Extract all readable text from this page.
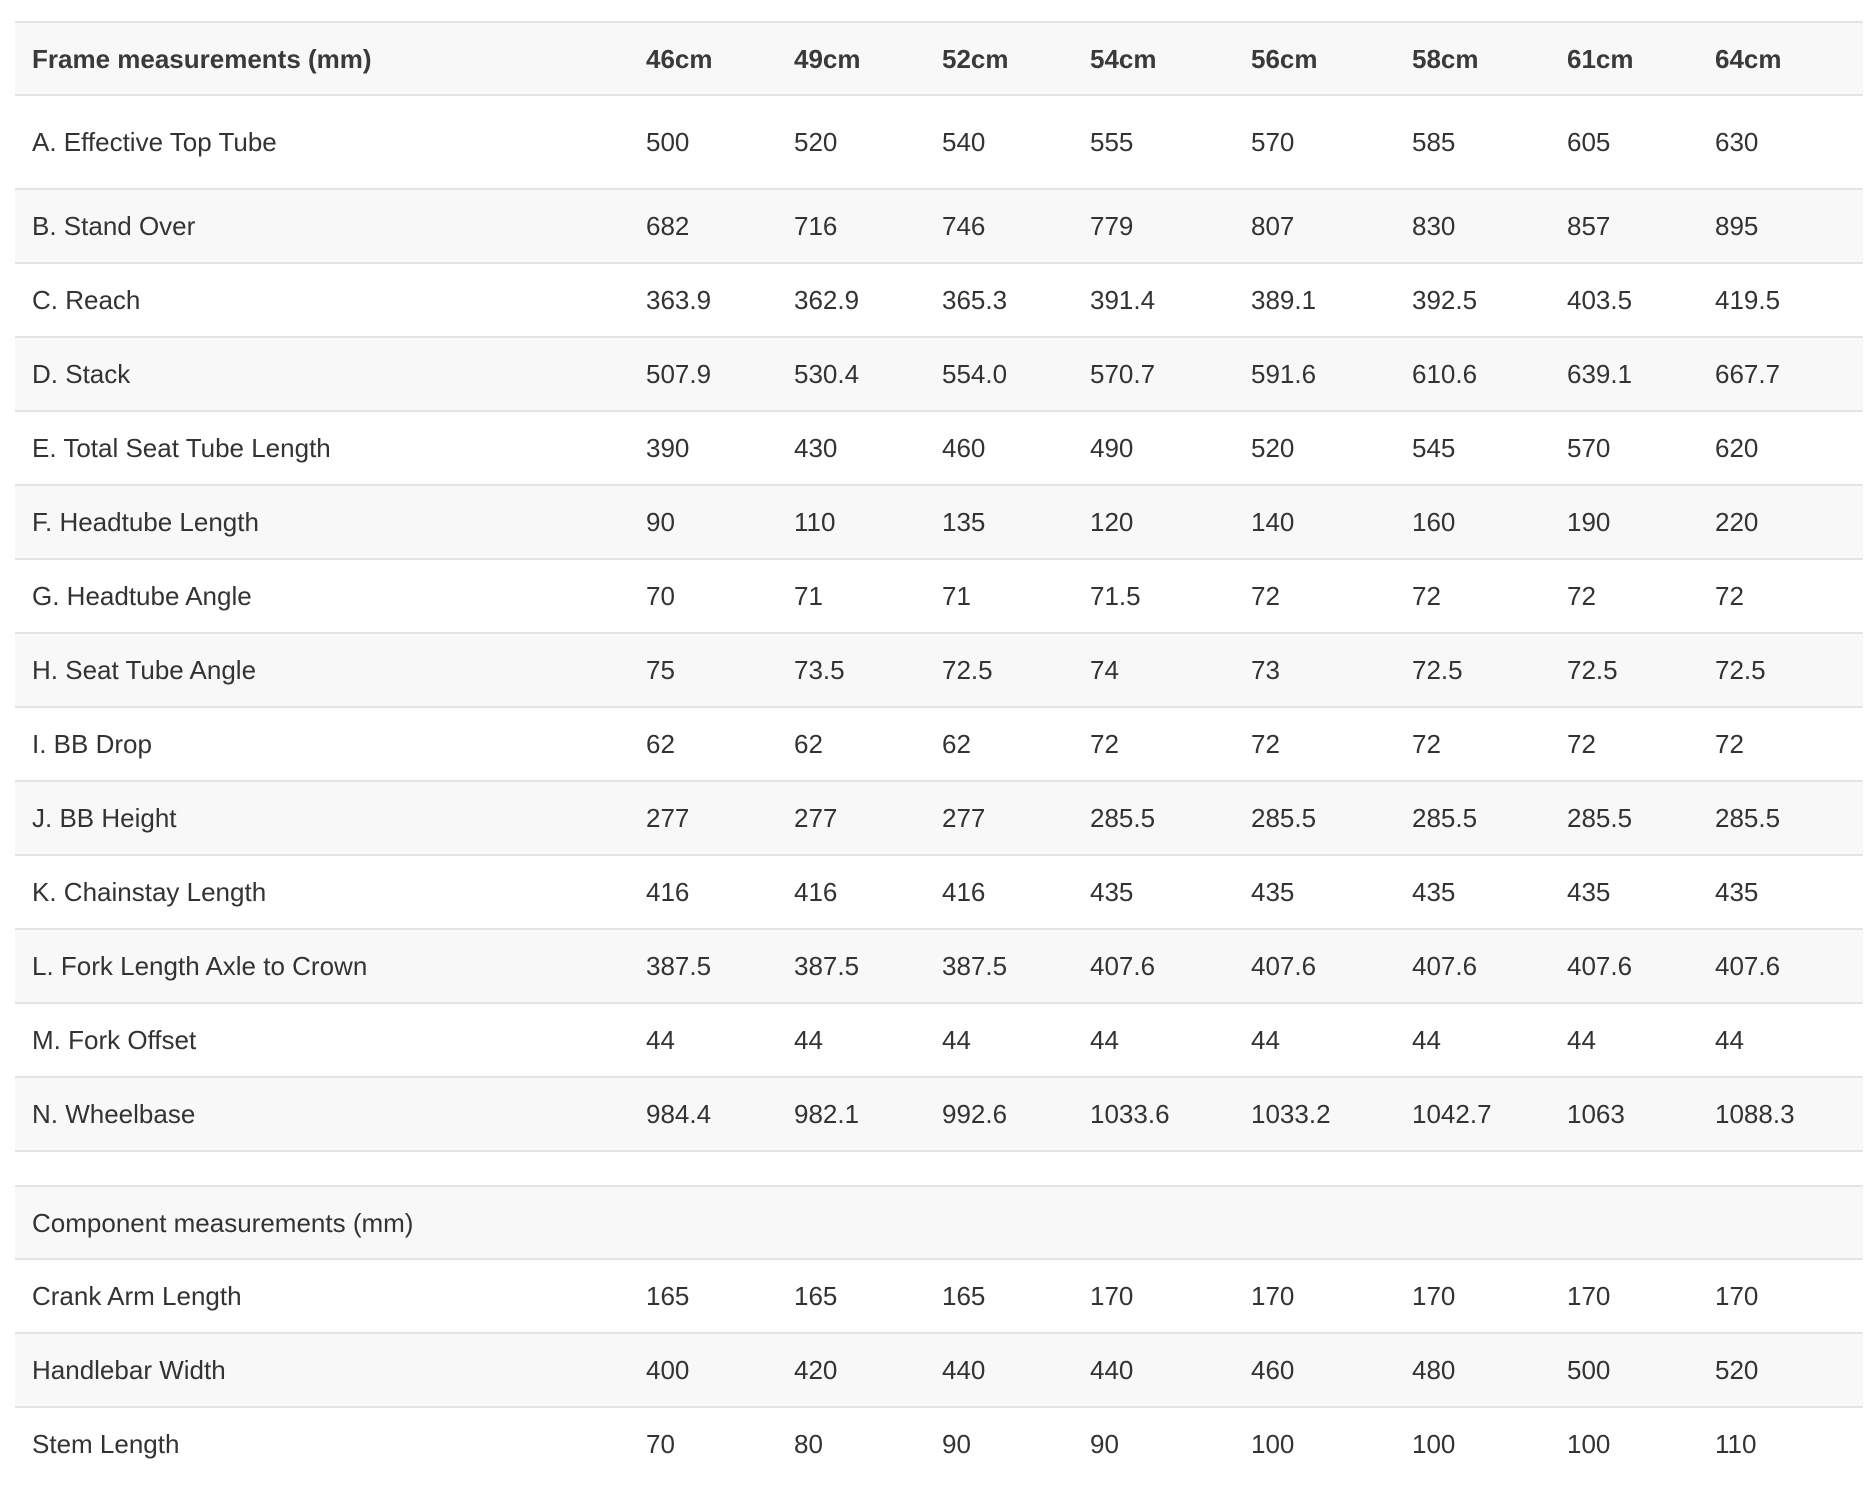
Frame measurements (mm)	46cm	49cm	52cm	54cm	56cm	58cm	61cm	64cm
A. Effective Top Tube	500	520	540	555	570	585	605	630
B. Stand Over	682	716	746	779	807	830	857	895
C. Reach	363.9	362.9	365.3	391.4	389.1	392.5	403.5	419.5
D. Stack	507.9	530.4	554.0	570.7	591.6	610.6	639.1	667.7
E. Total Seat Tube Length	390	430	460	490	520	545	570	620
F. Headtube Length	90	110	135	120	140	160	190	220
G. Headtube Angle	70	71	71	71.5	72	72	72	72
H. Seat Tube Angle	75	73.5	72.5	74	73	72.5	72.5	72.5
I. BB Drop	62	62	62	72	72	72	72	72
J. BB Height	277	277	277	285.5	285.5	285.5	285.5	285.5
K. Chainstay Length	416	416	416	435	435	435	435	435
L. Fork Length Axle to Crown	387.5	387.5	387.5	407.6	407.6	407.6	407.6	407.6
M. Fork Offset	44	44	44	44	44	44	44	44
N. Wheelbase	984.4	982.1	992.6	1033.6	1033.2	1042.7	1063	1088.3
Component measurements (mm)								
Crank Arm Length	165	165	165	170	170	170	170	170
Handlebar Width	400	420	440	440	460	480	500	520
Stem Length	70	80	90	90	100	100	100	110
